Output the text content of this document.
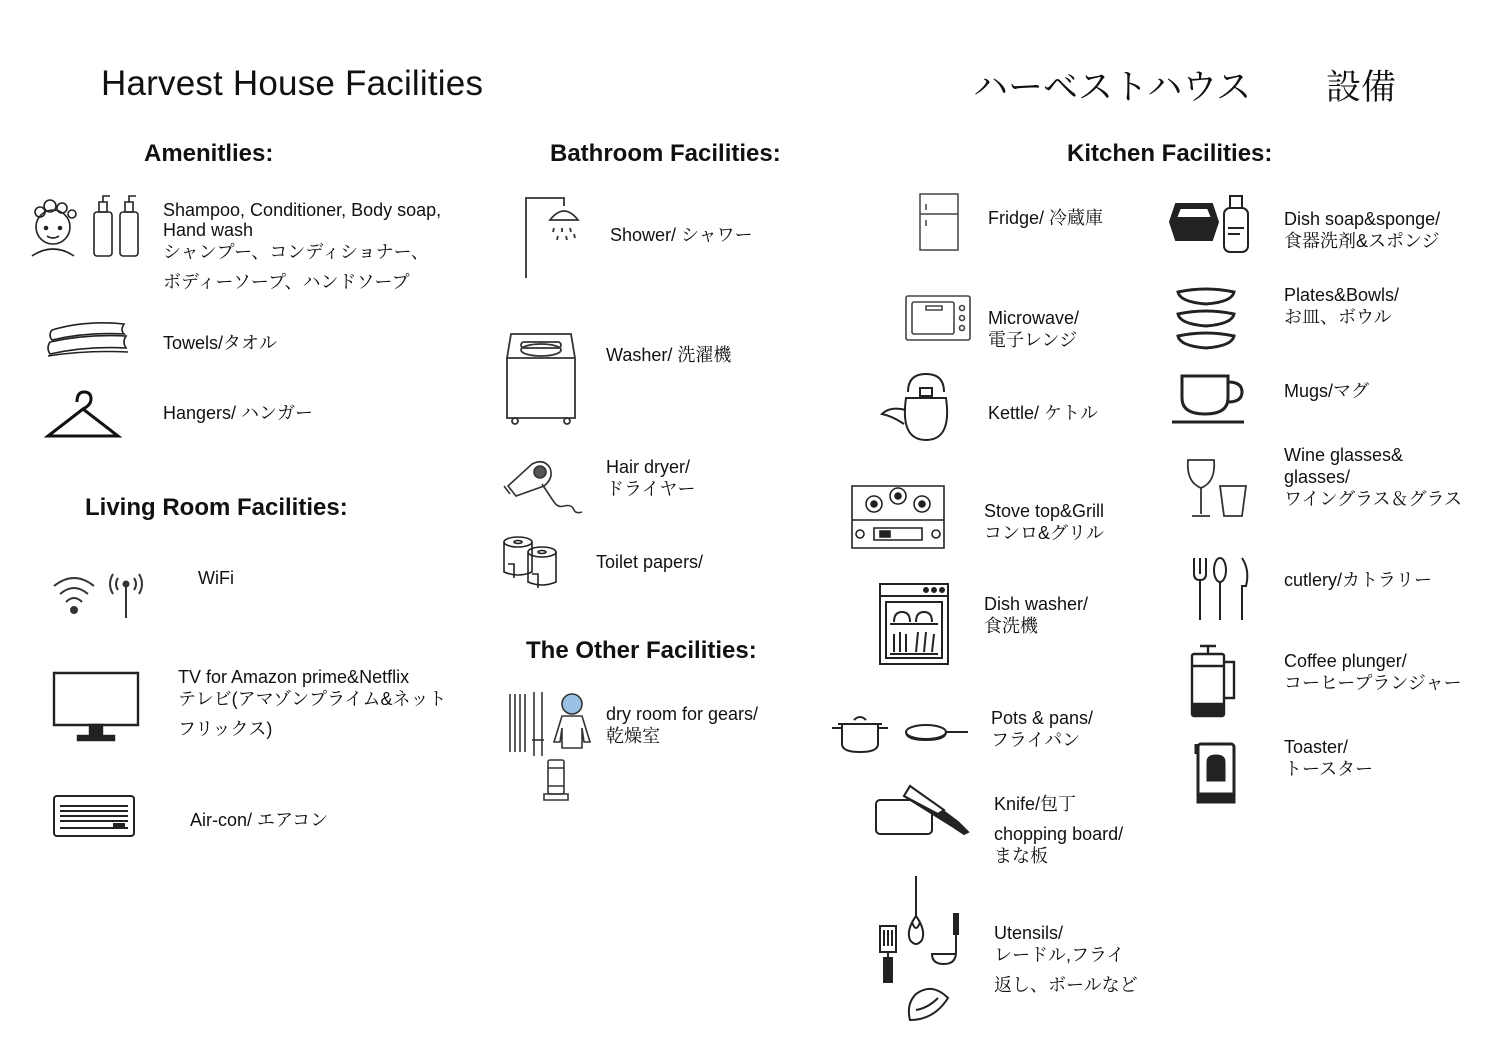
Harvest House Facilities	ハーベストハウス 設備
Amenitlies:	Bathroom Facilities:	Kitchen Facilities:
Living Room Facilities:
The Other Facilities:
Shampoo, Conditioner, Body soap,
Hand wash
シャンプー、コンディショナー、
ボディーソープ、ハンドソープ
Towels/タオル
Hangers/ ハンガー
WiFi
TV for Amazon prime&Netflix
テレビ(アマゾンプライム&ネット
フリックス)
Air-con/ エアコン
Shower/ シャワー
Washer/ 洗濯機
Hair dryer/
ドライヤー
Toilet papers/
dry room for gears/
乾燥室
Fridge/ 冷蔵庫
Microwave/
電子レンジ
Kettle/ ケトル
Stove top&Grill
コンロ&グリル
Dish washer/
食洗機
Pots & pans/
フライパン
Knife/包丁
chopping board/
まな板
Utensils/
レードル,フライ
返し、ボールなど
Dish soap&sponge/
食器洗剤&スポンジ
Plates&Bowls/
お皿、ボウル
Mugs/マグ
Wine glasses&
glasses/
ワイングラス＆グラス
cutlery/カトラリー
Coffee plunger/
コーヒープランジャー
Toaster/
トースター
